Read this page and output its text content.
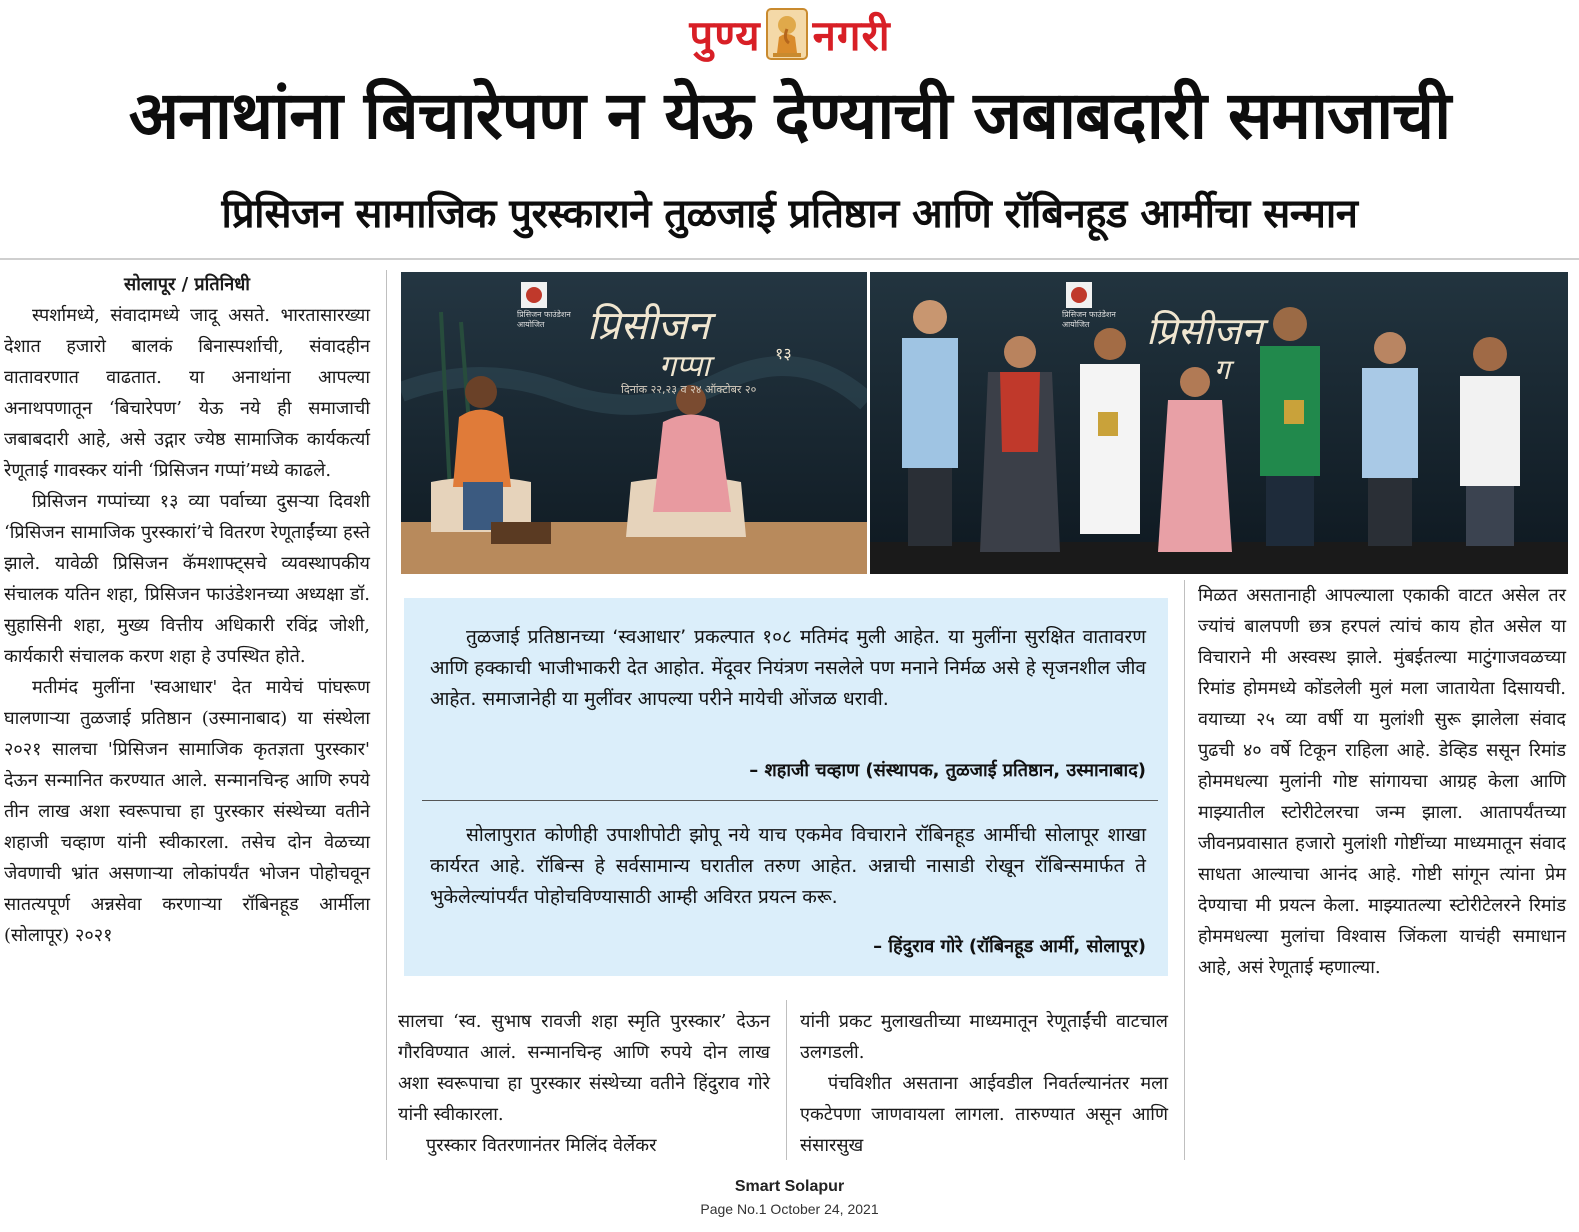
पुण्य नगरी
अनाथांना बिचारेपण न येऊ देण्याची जबाबदारी समाजाची
प्रिसिजन सामाजिक पुरस्काराने तुळजाई प्रतिष्ठान आणि रॉबिनहूड आर्मीचा सन्मान
सोलापूर / प्रतिनिधी

स्पर्शामध्ये, संवादामध्ये जादू असते. भारतासारख्या देशात हजारो बालकं बिनास्पर्शाची, संवादहीन वातावरणात वाढतात. या अनाथांना आपल्या अनाथपणातून ‘बिचारेपण’ येऊ नये ही समाजाची जबाबदारी आहे, असे उद्गार ज्येष्ठ सामाजिक कार्यकर्त्या रेणूताई गावस्कर यांनी ‘प्रिसिजन गप्पां’मध्ये काढले.

प्रिसिजन गप्पांच्या १३ व्या पर्वाच्या दुसऱ्या दिवशी ‘प्रिसिजन सामाजिक पुरस्कारां’चे वितरण रेणूताईंच्या हस्ते झाले. यावेळी प्रिसिजन कॅमशाफ्ट्सचे व्यवस्थापकीय संचालक यतिन शहा, प्रिसिजन फाउंडेशनच्या अध्यक्षा डॉ. सुहासिनी शहा, मुख्य वित्तीय अधिकारी रविंद्र जोशी, कार्यकारी संचालक करण शहा हे उपस्थित होते.

मतीमंद मुलींना 'स्वआधार' देत मायेचं पांघरूण घालणाऱ्या तुळजाई प्रतिष्ठान (उस्मानाबाद) या संस्थेला २०२१ सालचा 'प्रिसिजन सामाजिक कृतज्ञता पुरस्कार' देऊन सन्मानित करण्यात आले. सन्मानचिन्ह आणि रुपये तीन लाख अशा स्वरूपाचा हा पुरस्कार संस्थेच्या वतीने शहाजी चव्हाण यांनी स्वीकारला. तसेच दोन वेळच्या जेवणाची भ्रांत असणाऱ्या लोकांपर्यंत भोजन पोहोचवून सातत्यपूर्ण अन्नसेवा करणाऱ्या रॉबिनहूड आर्मीला (सोलापूर) २०२१

प्रिसिजन फाउंडेशन आयोजित	प्रिसीजन
गप्पा	१३
दिनांक २२,२३ व २४ ऑक्टोबर २०
प्रिसिजन फाउंडेशन आयोजित	प्रिसीजन
ग

तुळजाई प्रतिष्ठानच्या ‘स्वआधार’ प्रकल्पात १०८ मतिमंद मुली आहेत. या मुलींना सुरक्षित वातावरण आणि हक्काची भाजीभाकरी देत आहोत. मेंदूवर नियंत्रण नसलेले पण मनाने निर्मळ असे हे सृजनशील जीव आहेत. समाजानेही या मुलींवर आपल्या परीने मायेची ओंजळ धरावी.

– शहाजी चव्हाण (संस्थापक, तुळजाई प्रतिष्ठान, उस्मानाबाद)

सोलापुरात कोणीही उपाशीपोटी झोपू नये याच एकमेव विचाराने रॉबिनहूड आर्मीची सोलापूर शाखा कार्यरत आहे. रॉबिन्स हे सर्वसामान्य घरातील तरुण आहेत. अन्नाची नासाडी रोखून रॉबिन्समार्फत ते भुकेलेल्यांपर्यंत पोहोचविण्यासाठी आम्ही अविरत प्रयत्न करू.

– हिंदुराव गोरे (रॉबिनहूड आर्मी, सोलापूर)

सालचा ‘स्व. सुभाष रावजी शहा स्मृति पुरस्कार’ देऊन गौरविण्यात आलं. सन्मानचिन्ह आणि रुपये दोन लाख अशा स्वरूपाचा हा पुरस्कार संस्थेच्या वतीने हिंदुराव गोरे यांनी स्वीकारला.

पुरस्कार वितरणानंतर मिलिंद वेर्लेकर

यांनी प्रकट मुलाखतीच्या माध्यमातून रेणूताईंची वाटचाल उलगडली.

पंचविशीत असताना आईवडील निवर्तल्यानंतर मला एकटेपणा जाणवायला लागला. तारुण्यात असून आणि संसारसुख

मिळत असतानाही आपल्याला एकाकी वाटत असेल तर ज्यांचं बालपणी छत्र हरपलं त्यांचं काय होत असेल या विचाराने मी अस्वस्थ झाले. मुंबईतल्या माटुंगाजवळच्या रिमांड होममध्ये कोंडलेली मुलं मला जातायेता दिसायची. वयाच्या २५ व्या वर्षी या मुलांशी सुरू झालेला संवाद पुढची ४० वर्षे टिकून राहिला आहे. डेव्हिड ससून रिमांड होममधल्या मुलांनी गोष्ट सांगायचा आग्रह केला आणि माझ्यातील स्टोरीटेलरचा जन्म झाला. आतापर्यंतच्या जीवनप्रवासात हजारो मुलांशी गोष्टींच्या माध्यमातून संवाद साधता आल्याचा आनंद आहे. गोष्टी सांगून त्यांना प्रेम देण्याचा मी प्रयत्न केला. माझ्यातल्या स्टोरीटेलरने रिमांड होममधल्या मुलांचा विश्वास जिंकला याचंही समाधान आहे, असं रेणूताई म्हणाल्या.

Smart Solapur
Page No.1 October 24, 2021
